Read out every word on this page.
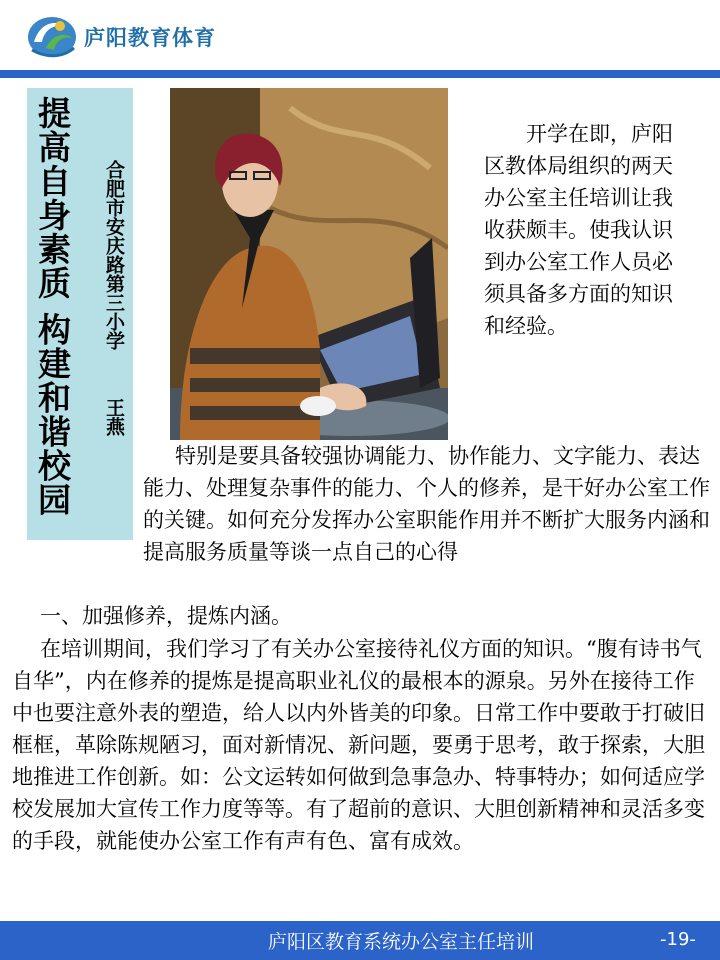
庐阳教育体育
提高自身素质 构建和谐校园 合肥市安庆路第三小学王燕

开学在即，庐阳区教体局组织的两天办公室主任培训让我收获颇丰。使我认识到办公室工作人员必须具备多方面的知识和经验。

特别是要具备较强协调能力、协作能力、文字能力、表达能力、处理复杂事件的能力、个人的修养，是干好办公室工作的关键。如何充分发挥办公室职能作用并不断扩大服务内涵和提高服务质量等谈一点自己的心得

一、加强修养，提炼内涵。

在培训期间，我们学习了有关办公室接待礼仪方面的知识。“腹有诗书气自华”，内在修养的提炼是提高职业礼仪的最根本的源泉。另外在接待工作中也要注意外表的塑造，给人以内外皆美的印象。日常工作中要敢于打破旧框框，革除陈规陋习，面对新情况、新问题，要勇于思考，敢于探索，大胆地推进工作创新。如：公文运转如何做到急事急办、特事特办；如何适应学校发展加大宣传工作力度等等。有了超前的意识、大胆创新精神和灵活多变的手段，就能使办公室工作有声有色、富有成效。

庐阳区教育系统办公室主任培训	-19-
